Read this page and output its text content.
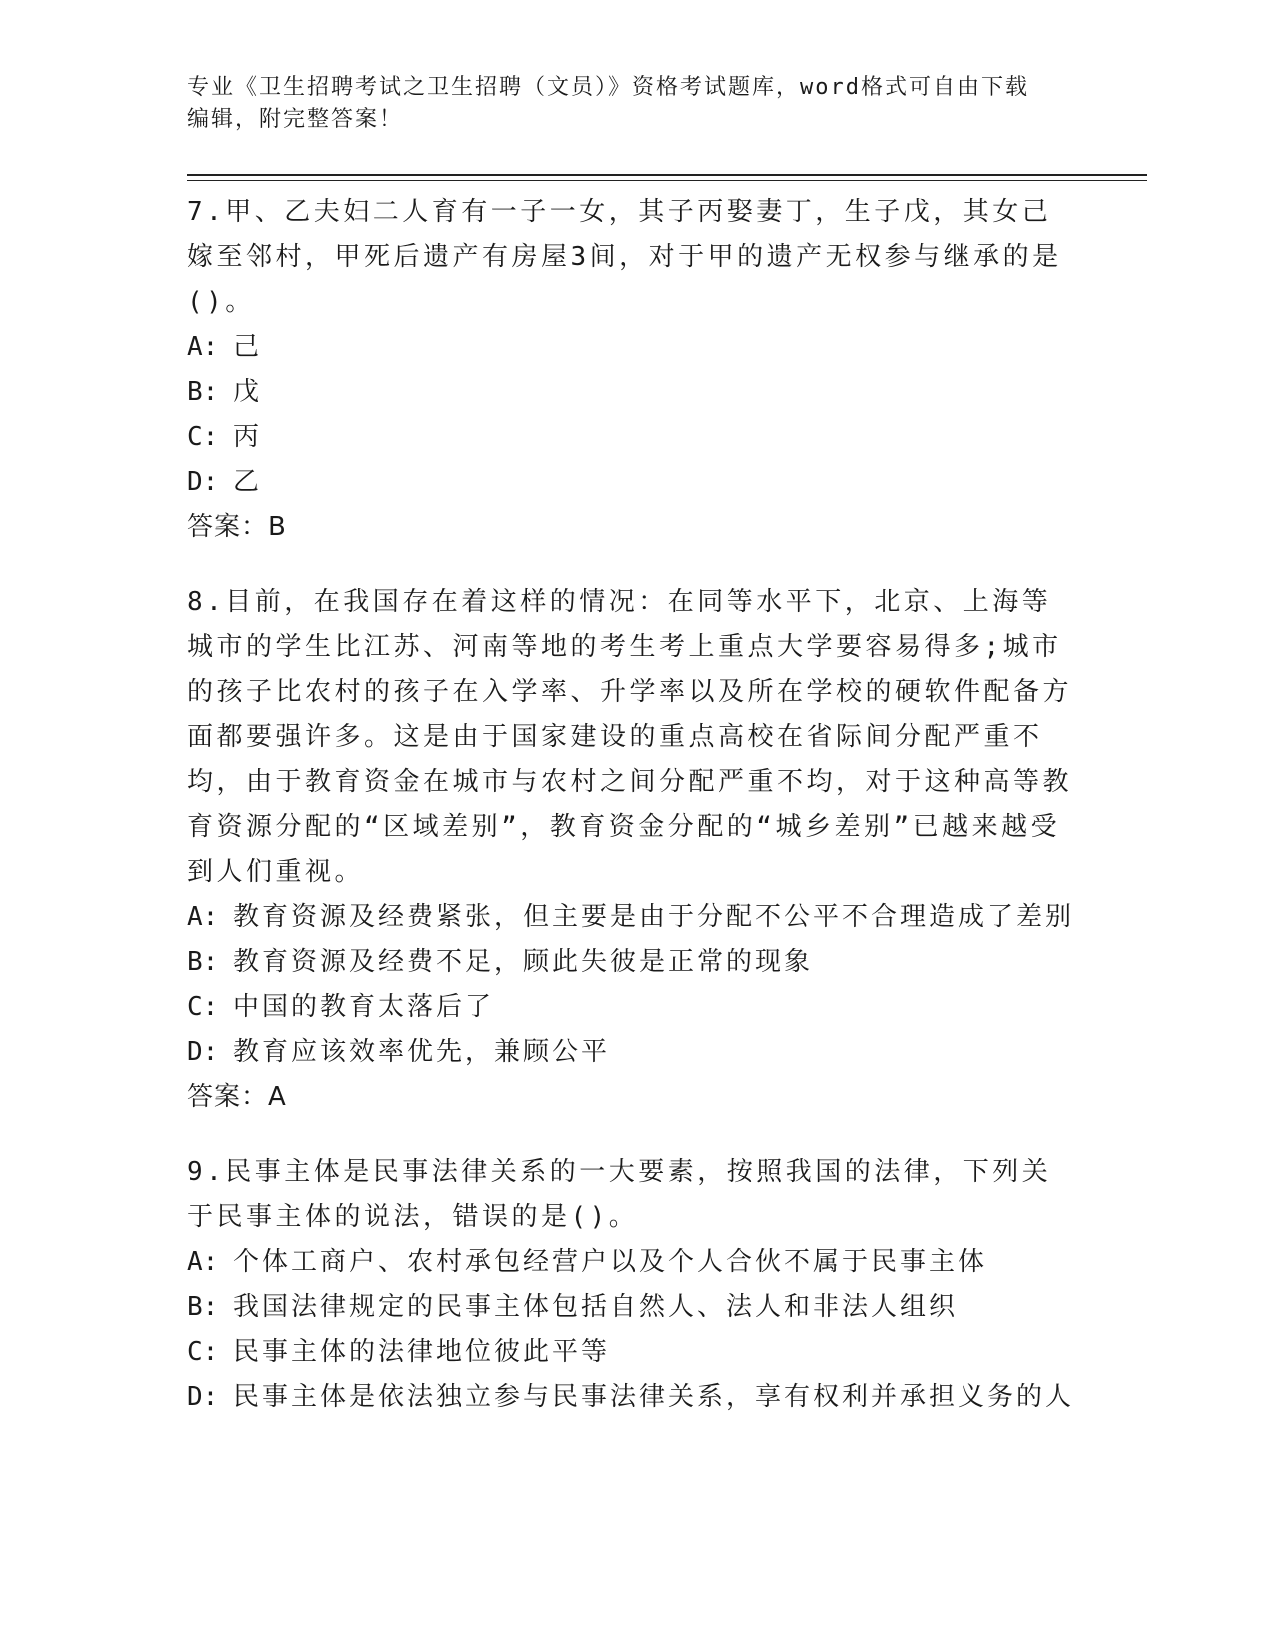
专业《卫生招聘考试之卫生招聘（文员）》资格考试题库，word格式可自由下载
编辑，附完整答案！
7.甲、乙夫妇二人育有一子一女，其子丙娶妻丁，生子戊，其女己嫁至邻村，甲死后遗产有房屋3间，对于甲的遗产无权参与继承的是()。
A: 己
B: 戊
C: 丙
D: 乙
答案：B
8.目前，在我国存在着这样的情况：在同等水平下，北京、上海等城市的学生比江苏、河南等地的考生考上重点大学要容易得多;城市的孩子比农村的孩子在入学率、升学率以及所在学校的硬软件配备方面都要强许多。这是由于国家建设的重点高校在省际间分配严重不均，由于教育资金在城市与农村之间分配严重不均，对于这种高等教育资源分配的“区域差别”，教育资金分配的“城乡差别”已越来越受到人们重视。
A: 教育资源及经费紧张，但主要是由于分配不公平不合理造成了差别
B: 教育资源及经费不足，顾此失彼是正常的现象
C: 中国的教育太落后了
D: 教育应该效率优先，兼顾公平
答案：A
9.民事主体是民事法律关系的一大要素，按照我国的法律，下列关于民事主体的说法，错误的是()。
A: 个体工商户、农村承包经营户以及个人合伙不属于民事主体
B: 我国法律规定的民事主体包括自然人、法人和非法人组织
C: 民事主体的法律地位彼此平等
D: 民事主体是依法独立参与民事法律关系，享有权利并承担义务的人
